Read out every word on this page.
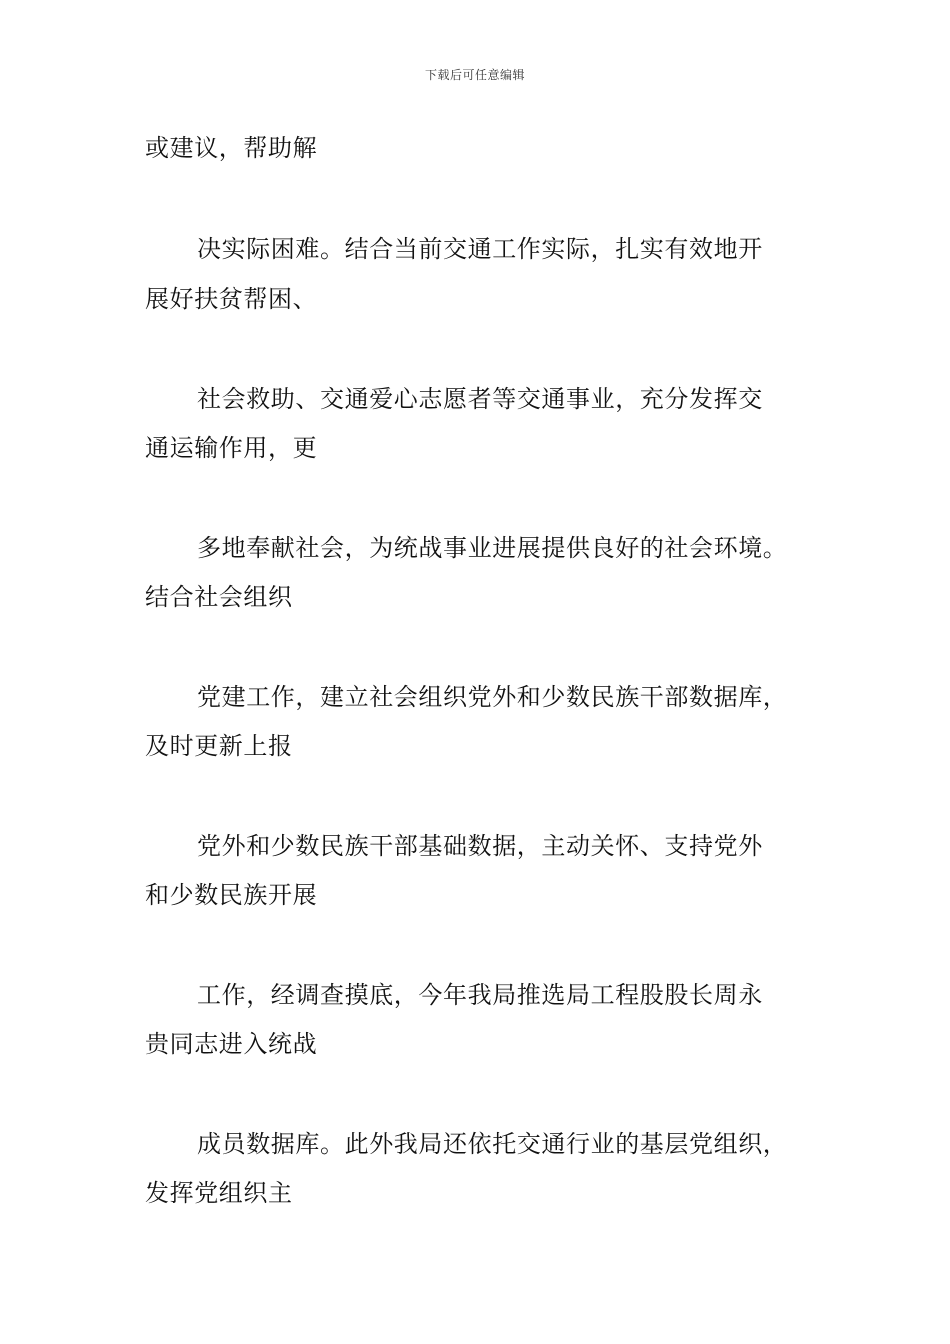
下载后可任意编辑
或建议，帮助解
决实际困难。结合当前交通工作实际，扎实有效地开
展好扶贫帮困、
社会救助、交通爱心志愿者等交通事业，充分发挥交
通运输作用，更
多地奉献社会，为统战事业进展提供良好的社会环境。
结合社会组织
党建工作，建立社会组织党外和少数民族干部数据库，
及时更新上报
党外和少数民族干部基础数据，主动关怀、支持党外
和少数民族开展
工作，经调查摸底，今年我局推选局工程股股长周永
贵同志进入统战
成员数据库。此外我局还依托交通行业的基层党组织，
发挥党组织主
